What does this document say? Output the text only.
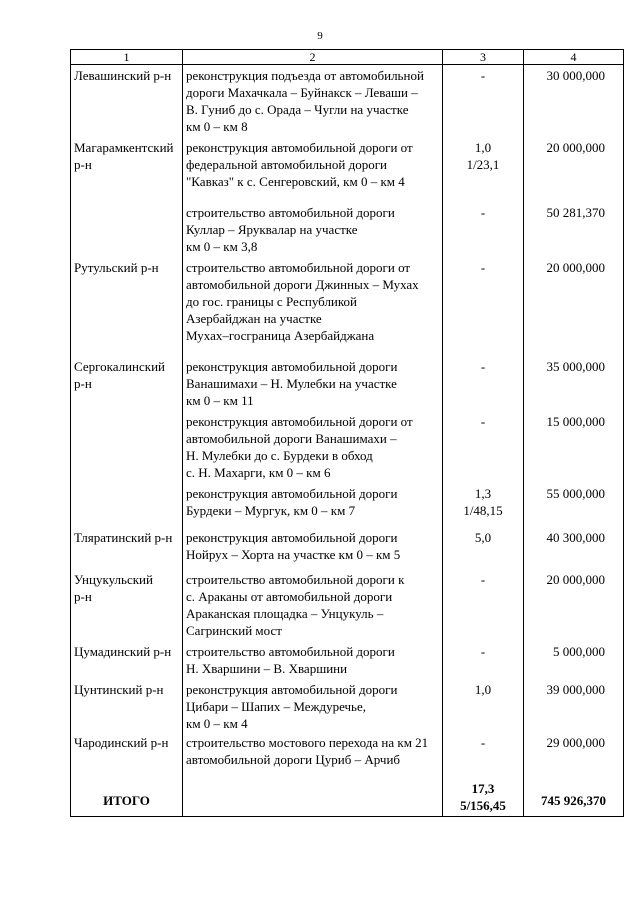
9
1	2	3	4

Левашинский р-н	реконструкция подъезда от автомобильной
дороги Махачкала – Буйнакск – Леваши –
В. Гуниб до с. Орада – Чугли на участке
км 0 – км 8	-	30 000,000

Магарамкентский
р-н	реконструкция автомобильной дороги от
федеральной автомобильной дороги
"Кавказ" к с. Сенгеровский, км 0 – км 4	1,0
1/23,1	20 000,000

	строительство автомобильной дороги
Куллар – Яруквалар на участке
км 0 – км 3,8	-	50 281,370

Рутульский р-н	строительство автомобильной дороги от
автомобильной дороги Джинных – Мухах
до гос. границы с Республикой
Азербайджан на участке
Мухах–госграница Азербайджана	-	20 000,000

Сергокалинский
р-н	реконструкция автомобильной дороги
Ванашимахи – Н. Мулебки на участке
км 0 – км 11	-	35 000,000

	реконструкция автомобильной дороги от
автомобильной дороги Ванашимахи –
Н. Мулебки до с. Бурдеки в обход
с. Н. Махарги, км 0 – км 6	-	15 000,000

	реконструкция автомобильной дороги
Бурдеки – Мургук, км 0 – км 7	1,3
1/48,15	55 000,000

Тляратинский р-н	реконструкция автомобильной дороги
Нойрух – Хорта на участке км 0 – км 5	5,0	40 300,000

Унцукульский
р-н	строительство автомобильной дороги к
с. Араканы от автомобильной дороги
Араканская площадка – Унцукуль –
Сагринский мост	-	20 000,000

Цумадинский р-н	строительство автомобильной дороги
Н. Хваршини – В. Хваршини	-	5 000,000

Цунтинский р-н	реконструкция автомобильной дороги
Цибари – Шапих – Междуречье,
км 0 – км 4	1,0	39 000,000

Чародинский р-н	строительство мостового перехода на км 21
автомобильной дороги Цуриб – Арчиб	-	29 000,000
ИТОГО		17,3
5/156,45	745 926,370
